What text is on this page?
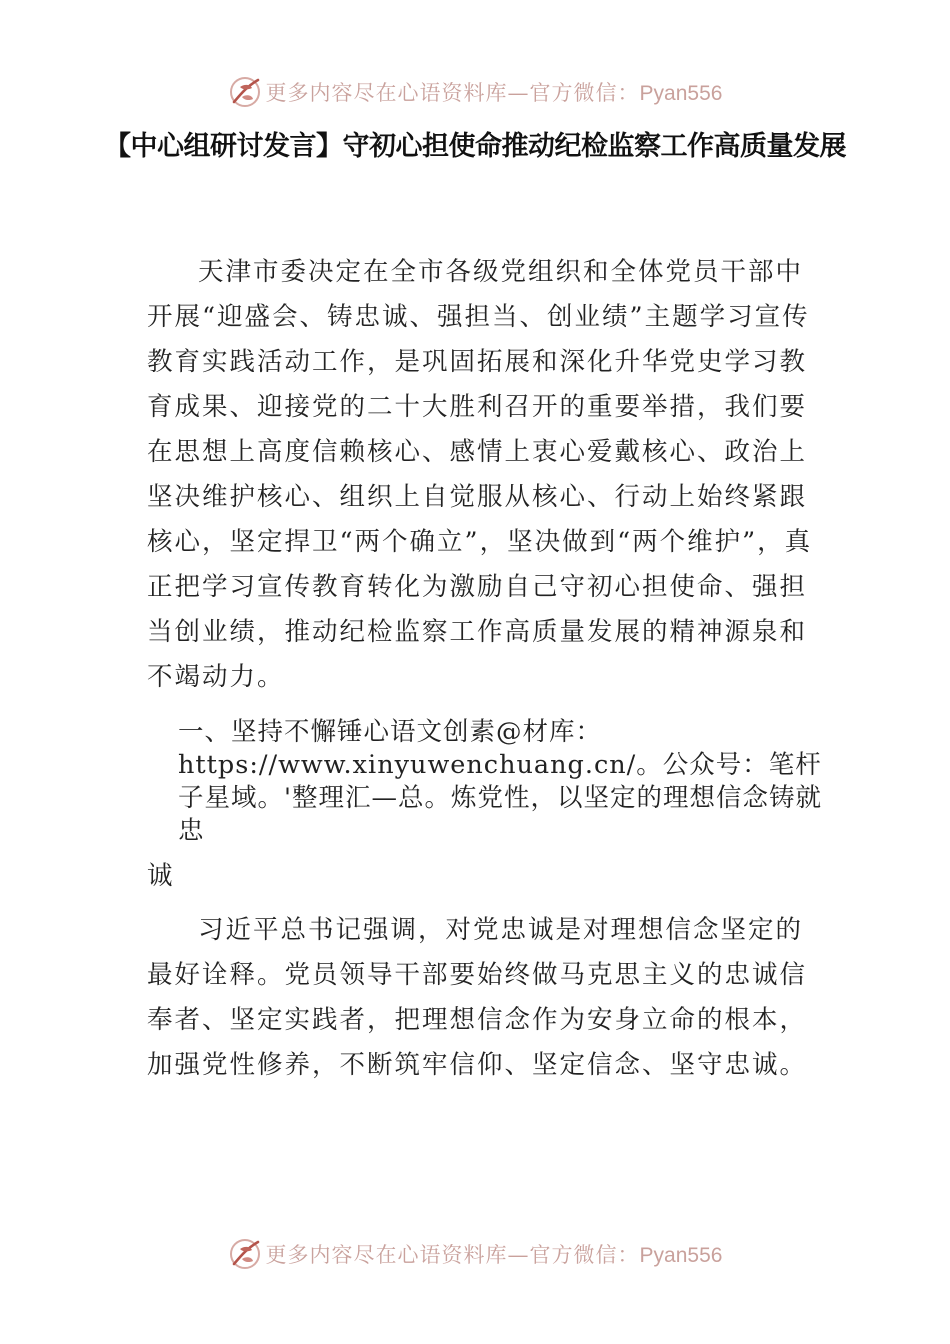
更多内容尽在心语资料库—官方微信：Pyan556
【中心组研讨发言】守初心担使命推动纪检监察工作高质量发展

天津市委决定在全市各级党组织和全体党员干部中开展“迎盛会、铸忠诚、强担当、创业绩”主题学习宣传教育实践活动工作，是巩固拓展和深化升华党史学习教育成果、迎接党的二十大胜利召开的重要举措，我们要在思想上高度信赖核心、感情上衷心爱戴核心、政治上坚决维护核心、组织上自觉服从核心、行动上始终紧跟核心，坚定捍卫“两个确立”，坚决做到“两个维护”，真正把学习宣传教育转化为激励自己守初心担使命、强担当创业绩，推动纪检监察工作高质量发展的精神源泉和不竭动力。

一、坚持不懈锤心语文创素@材库：https://www.xinyuwenchuang.cn/。公众号：笔杆子星域。'整理汇—总。炼党性，以坚定的理想信念铸就忠

诚

习近平总书记强调，对党忠诚是对理想信念坚定的最好诠释。党员领导干部要始终做马克思主义的忠诚信奉者、坚定实践者，把理想信念作为安身立命的根本，加强党性修养，不断筑牢信仰、坚定信念、坚守忠诚。

更多内容尽在心语资料库—官方微信：Pyan556
